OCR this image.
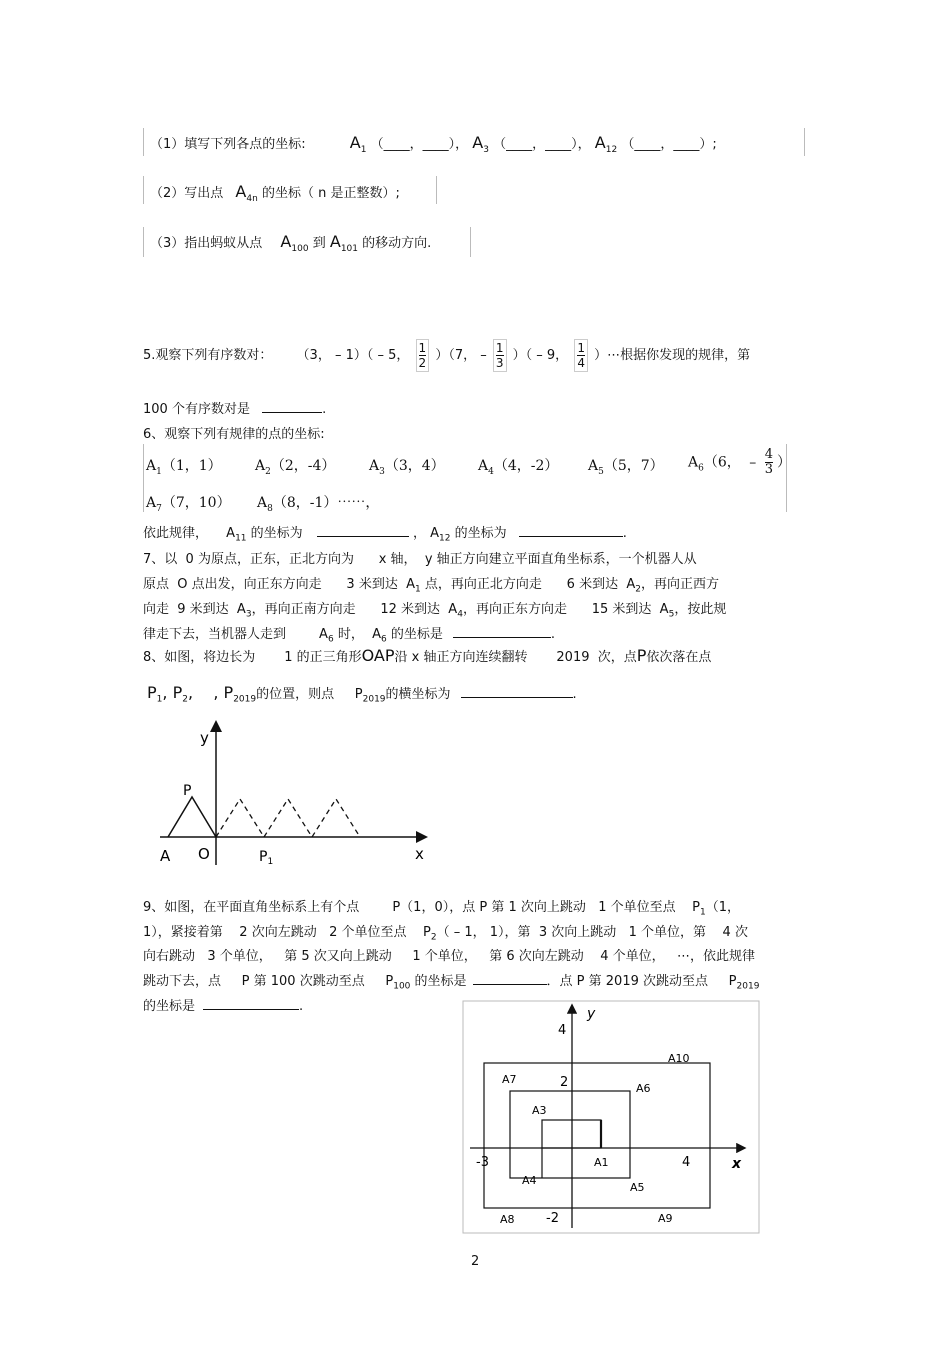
（1）填写下列各点的坐标:	$A_1$ （____，____）， $A_3$ （____，____）， $A_{12}$ （____，____）;
（2）写出点 $A_{4n}$ 的坐标（ n 是正整数）;
（3）指出蚂蚁从点 $A_{100}$ 到 $A_{101}$ 的移动方向.
5.观察下列有序数对： （3， – 1）（ – 5， $\frac{1}{2} )(7$， – $\frac{1}{3}$ ）（ – 9， $\frac{1}{4}$ ）⋯根据你发现的规律，第
100 个有序数对是	.
6、观察下列有规律的点的坐标:
$A_1(1$，1） $A_2(2$，-4） $A_3(3$，4） $A_4(4$，-2） $A_5(5$，7） $A_6(6$， – $\frac{4}{3}$ ）
$A_7(7$，10） $A_8(8$，-1）⋯⋯，
依此规律， $A_{11}$ 的坐标为	， $A_{12}$ 的坐标为	.
7、以  0 为原点，正东，正北方向为      x 轴，  y 轴正方向建立平面直角坐标系，一个机器人从
原点  O 点出发，向正东方向走      3 米到达  $A_1$ 点，再向正北方向走      6 米到达  $A_2$，再向正西方
向走  9 米到达  $A_3$，再向正南方向走      12 米到达  $A_4$，再向正东方向走      15 米到达  $A_5$，按此规
律走下去，当机器人走到        $A_6$ 时，  $A_6$ 的坐标是	.
8、如图，将边长为       1 的正三角形OAP沿 x 轴正方向连续翻转       2019  次，点P依次落在点
$P_1$, $P_2$,    , $P_{2019}$的位置，则点     $P_{2019}$的横坐标为	.
y
P
A O	$P_1$	x
9、如图，在平面直角坐标系上有个点        P（1，0），点 P 第 1 次向上跳动   1 个单位至点    $P_1(1$，
1），紧接着第    2 次向左跳动   2 个单位至点    $P_2( - 1$， 1），第  3 次向上跳动   1 个单位，第    4 次
向右跳动   3 个单位，   第 5 次又向上跳动     1 个单位，   第 6 次向左跳动    4 个单位，   ⋯，依此规律
跳动下去，点     P 第 100 次跳动至点     $P_{100}$ 的坐标是	．点 P 第 2019 次跳动至点     $P_{2019}$
的坐标是	.	y
4
2
-3	4
-2
x
A10
A7
A6
A3
A1
A4
A5
A8	A9
2
